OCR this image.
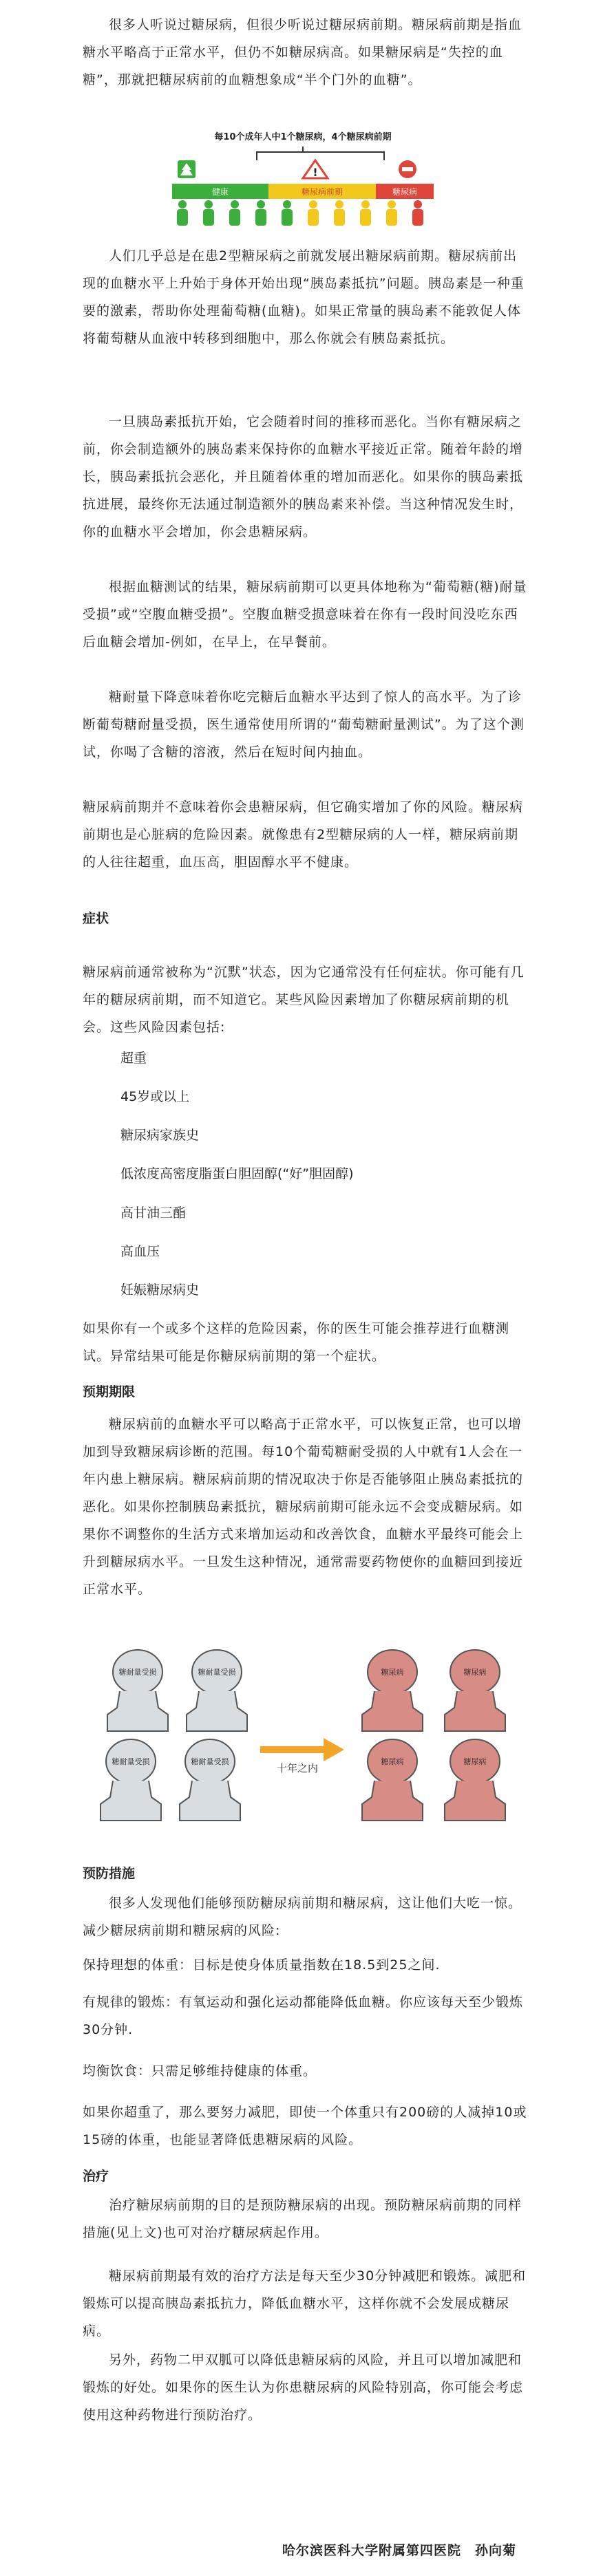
很多人听说过糖尿病，但很少听说过糖尿病前期。糖尿病前期是指血糖水平略高于正常水平，但仍不如糖尿病高。如果糖尿病是“失控的血糖”，那就把糖尿病前的血糖想象成“半个门外的血糖”。

每10个成年人中1个糖尿病，4个糖尿病前期
!
健康	糖尿病前期	糖尿病

人们几乎总是在患2型糖尿病之前就发展出糖尿病前期。糖尿病前出现的血糖水平上升始于身体开始出现“胰岛素抵抗”问题。胰岛素是一种重要的激素，帮助你处理葡萄糖(血糖)。如果正常量的胰岛素不能敦促人体将葡萄糖从血液中转移到细胞中，那么你就会有胰岛素抵抗。

一旦胰岛素抵抗开始，它会随着时间的推移而恶化。当你有糖尿病之前，你会制造额外的胰岛素来保持你的血糖水平接近正常。随着年龄的增长，胰岛素抵抗会恶化，并且随着体重的增加而恶化。如果你的胰岛素抵抗进展，最终你无法通过制造额外的胰岛素来补偿。当这种情况发生时，你的血糖水平会增加，你会患糖尿病。

根据血糖测试的结果，糖尿病前期可以更具体地称为“葡萄糖(糖)耐量受损”或“空腹血糖受损”。空腹血糖受损意味着在你有一段时间没吃东西后血糖会增加-例如，在早上，在早餐前。

糖耐量下降意味着你吃完糖后血糖水平达到了惊人的高水平。为了诊断葡萄糖耐量受损，医生通常使用所谓的“葡萄糖耐量测试”。为了这个测试，你喝了含糖的溶液，然后在短时间内抽血。

糖尿病前期并不意味着你会患糖尿病，但它确实增加了你的风险。糖尿病前期也是心脏病的危险因素。就像患有2型糖尿病的人一样，糖尿病前期的人往往超重，血压高，胆固醇水平不健康。

症状

糖尿病前通常被称为“沉默”状态，因为它通常没有任何症状。你可能有几年的糖尿病前期，而不知道它。某些风险因素增加了你糖尿病前期的机会。这些风险因素包括:

超重

45岁或以上

糖尿病家族史

低浓度高密度脂蛋白胆固醇(“好”胆固醇)

高甘油三酯

高血压

妊娠糖尿病史

如果你有一个或多个这样的危险因素，你的医生可能会推荐进行血糖测试。异常结果可能是你糖尿病前期的第一个症状。

预期期限

糖尿病前的血糖水平可以略高于正常水平，可以恢复正常，也可以增加到导致糖尿病诊断的范围。每10个葡萄糖耐受损的人中就有1人会在一年内患上糖尿病。糖尿病前期的情况取决于你是否能够阻止胰岛素抵抗的恶化。如果你控制胰岛素抵抗，糖尿病前期可能永远不会变成糖尿病。如果你不调整你的生活方式来增加运动和改善饮食，血糖水平最终可能会上升到糖尿病水平。一旦发生这种情况，通常需要药物使你的血糖回到接近正常水平。

糖耐量受损	糖耐量受损
糖耐量受损	糖耐量受损
十年之内
糖尿病	糖尿病
糖尿病	糖尿病
预防措施

很多人发现他们能够预防糖尿病前期和糖尿病，这让他们大吃一惊。减少糖尿病前期和糖尿病的风险:

保持理想的体重：目标是使身体质量指数在18.5到25之间.

有规律的锻炼：有氧运动和强化运动都能降低血糖。你应该每天至少锻炼30分钟.

均衡饮食：只需足够维持健康的体重。

如果你超重了，那么要努力减肥，即使一个体重只有200磅的人减掉10或15磅的体重，也能显著降低患糖尿病的风险。

治疗

治疗糖尿病前期的目的是预防糖尿病的出现。预防糖尿病前期的同样措施(见上文)也可对治疗糖尿病起作用。

糖尿病前期最有效的治疗方法是每天至少30分钟减肥和锻炼。减肥和锻炼可以提高胰岛素抵抗力，降低血糖水平，这样你就不会发展成糖尿病。

另外，药物二甲双胍可以降低患糖尿病的风险，并且可以增加减肥和锻炼的好处。如果你的医生认为你患糖尿病的风险特别高，你可能会考虑使用这种药物进行预防治疗。

哈尔滨医科大学附属第四医院　孙向菊
